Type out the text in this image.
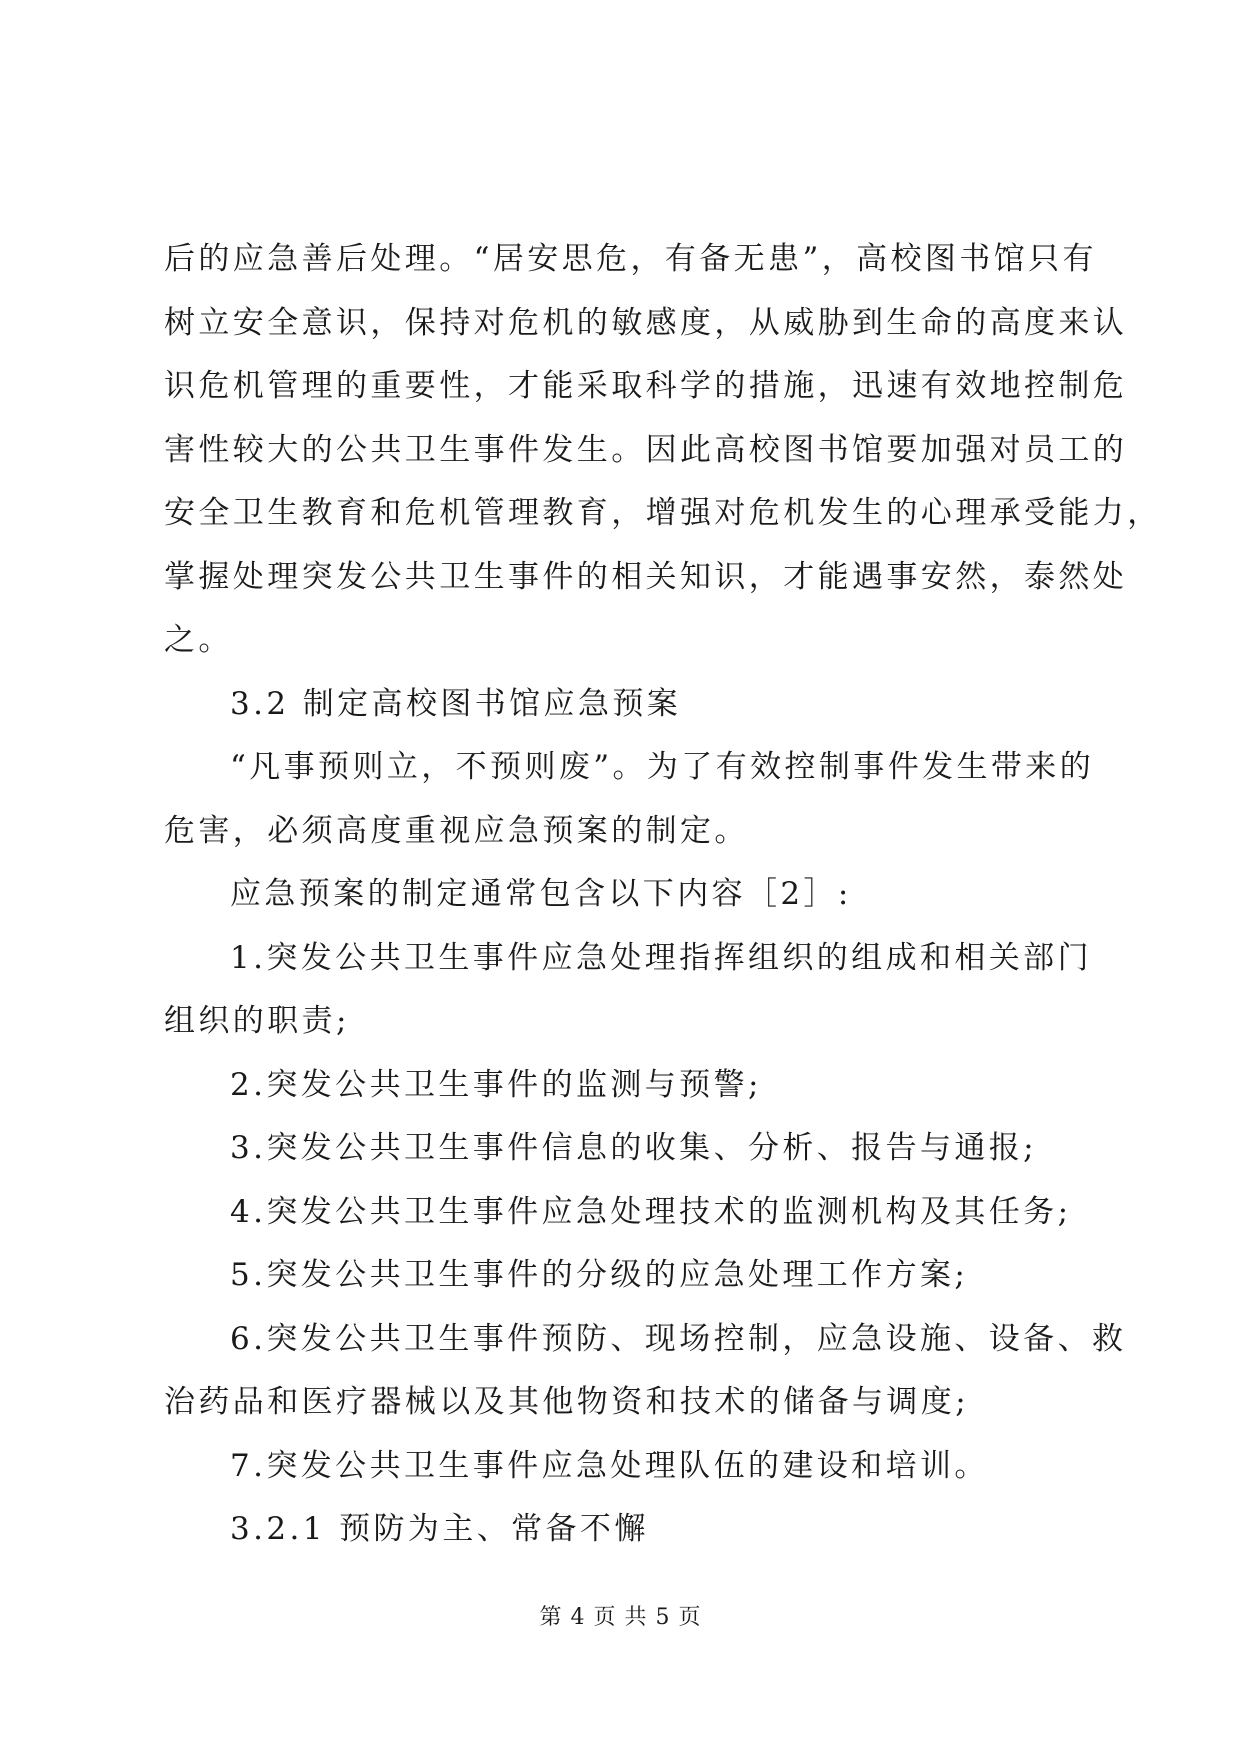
后的应急善后处理。“居安思危，有备无患”，高校图书馆只有
树立安全意识，保持对危机的敏感度，从威胁到生命的高度来认
识危机管理的重要性，才能采取科学的措施，迅速有效地控制危
害性较大的公共卫生事件发生。因此高校图书馆要加强对员工的
安全卫生教育和危机管理教育，增强对危机发生的心理承受能力，
掌握处理突发公共卫生事件的相关知识，才能遇事安然，泰然处
之。
3.2 制定高校图书馆应急预案
“凡事预则立，不预则废”。为了有效控制事件发生带来的
危害，必须高度重视应急预案的制定。
应急预案的制定通常包含以下内容［2］:
1.突发公共卫生事件应急处理指挥组织的组成和相关部门
组织的职责;
2.突发公共卫生事件的监测与预警;
3.突发公共卫生事件信息的收集、分析、报告与通报;
4.突发公共卫生事件应急处理技术的监测机构及其任务;
5.突发公共卫生事件的分级的应急处理工作方案;
6.突发公共卫生事件预防、现场控制，应急设施、设备、救
治药品和医疗器械以及其他物资和技术的储备与调度;
7.突发公共卫生事件应急处理队伍的建设和培训。
3.2.1 预防为主、常备不懈
第 4 页 共 5 页
